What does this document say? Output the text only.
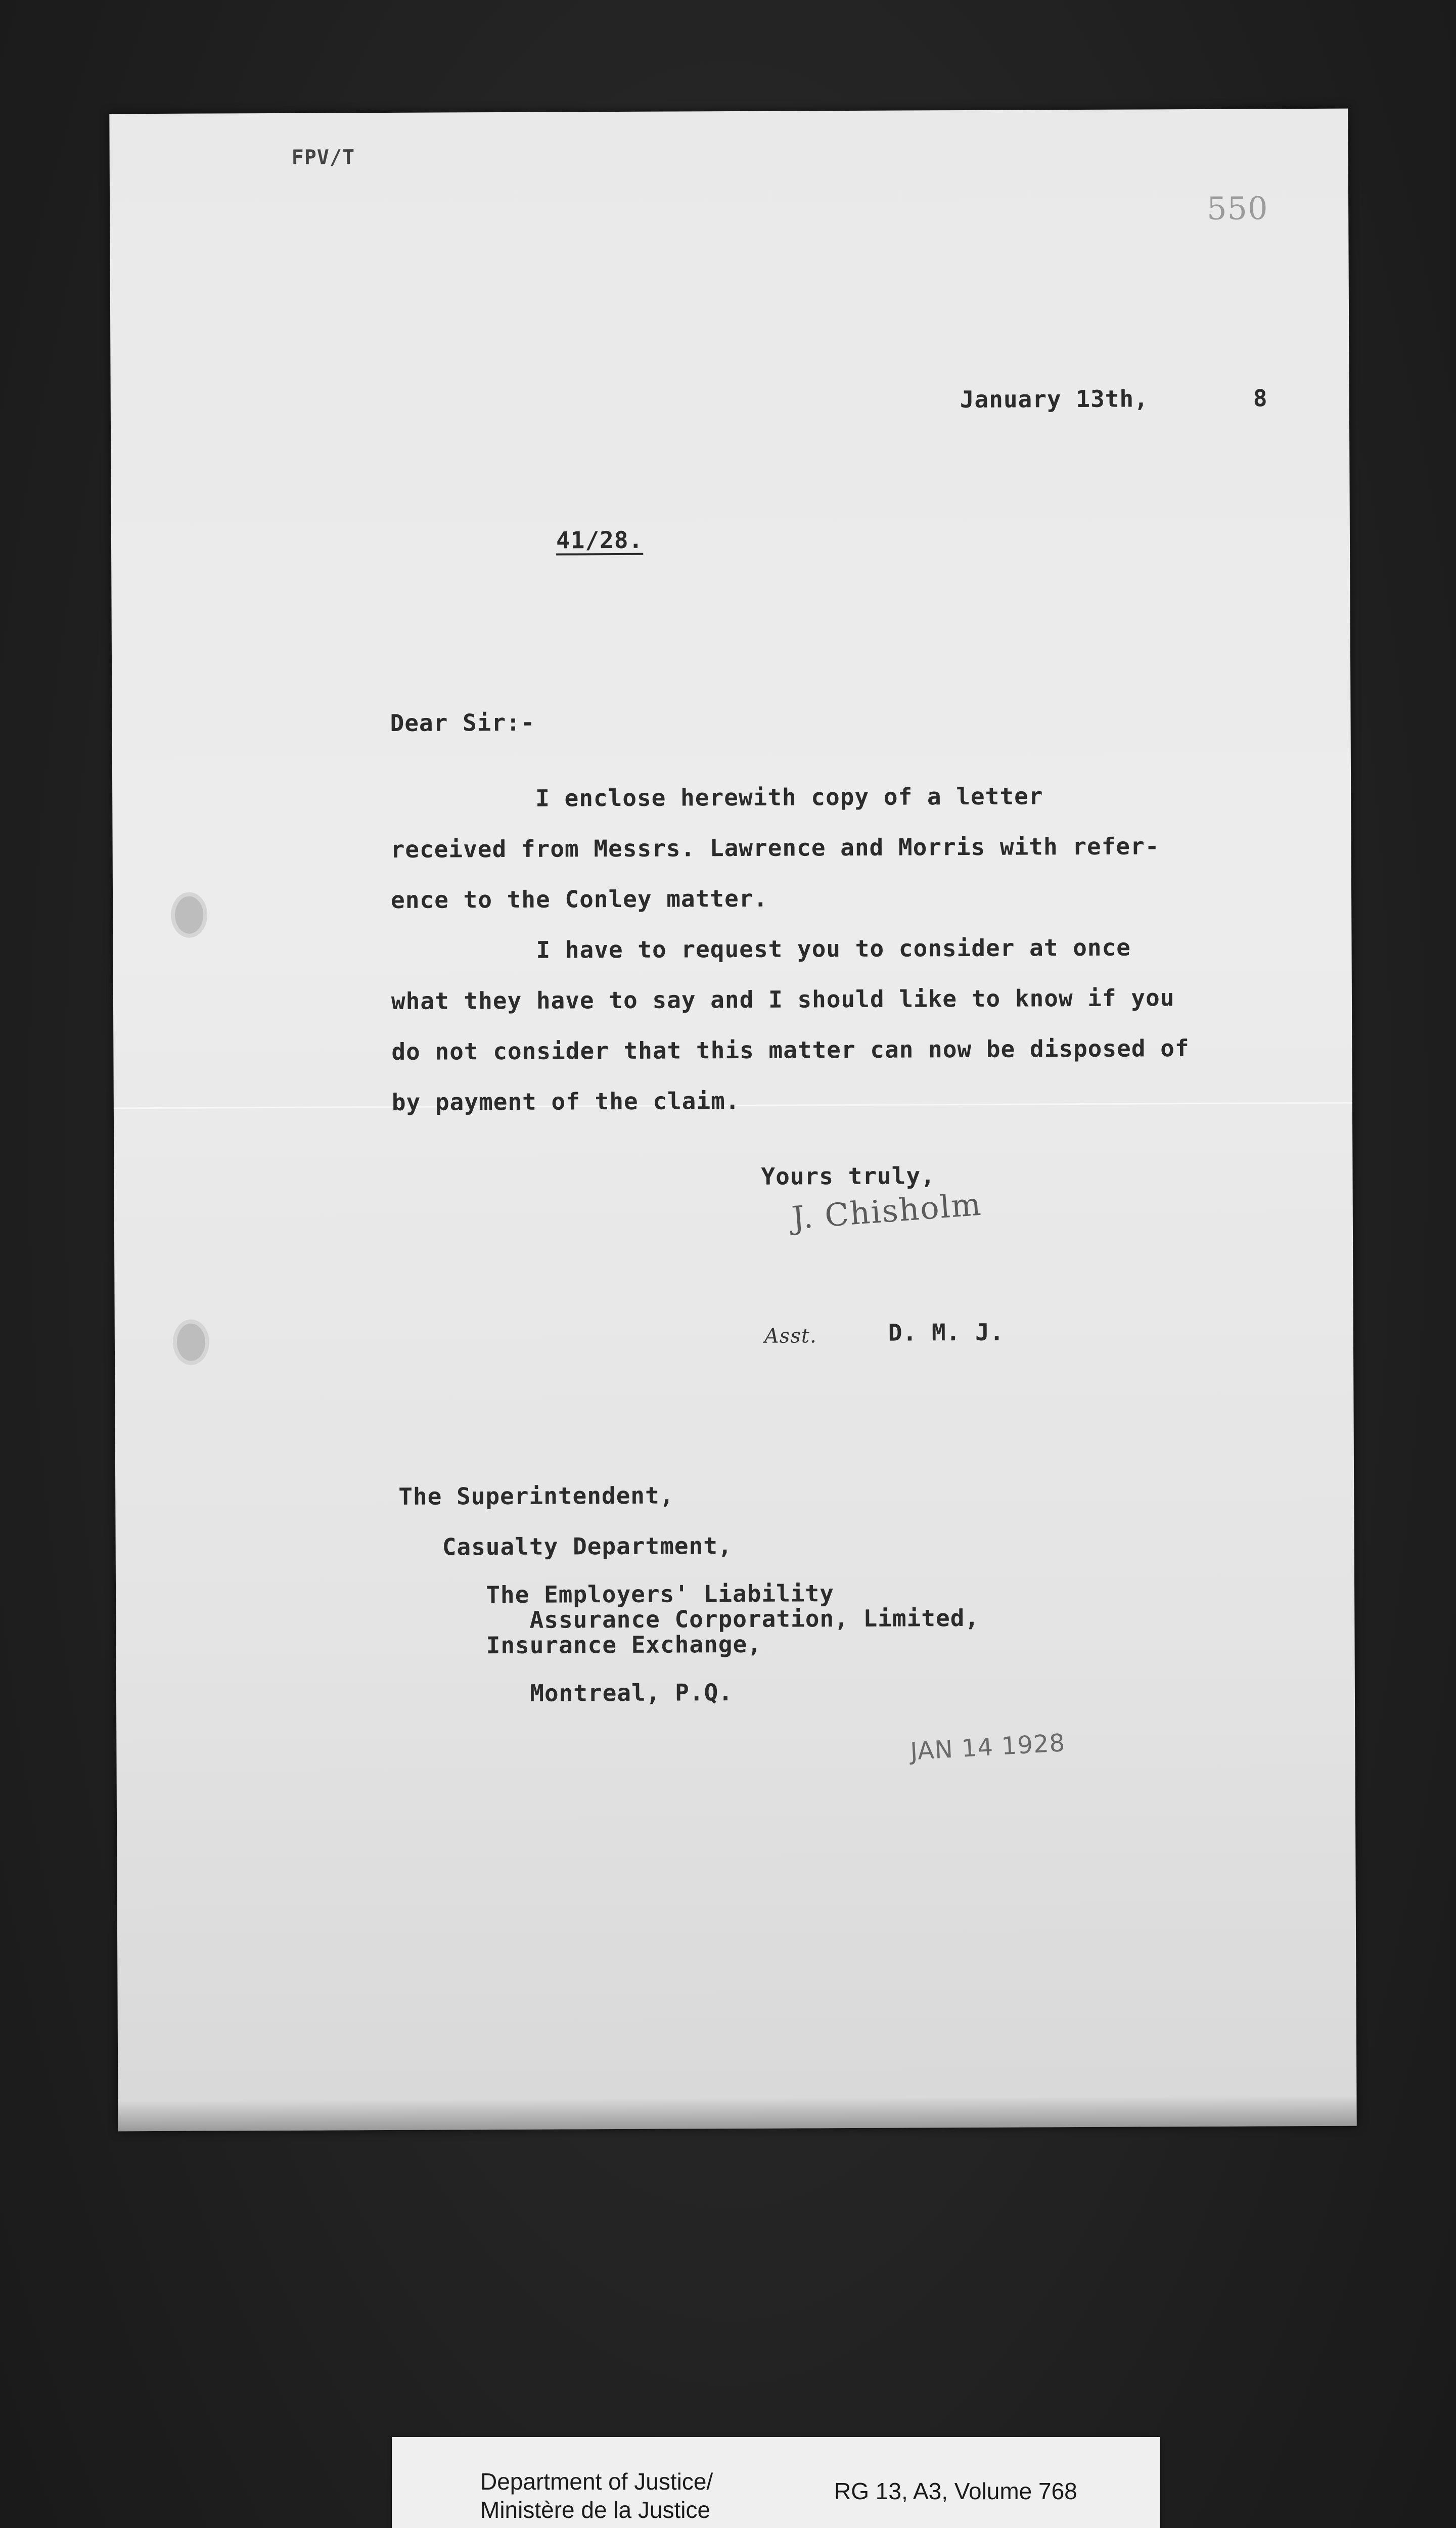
FPV/T
550
January 13th,	8
41/28.
Dear Sir:-
I enclose herewith copy of a letter
received from Messrs. Lawrence and Morris with refer-
ence to the Conley matter.
I have to request you to consider at once
what they have to say and I should like to know if you
do not consider that this matter can now be disposed of
by payment of the claim.
Yours truly,
J. Chisholm
Asst.	D. M. J.
The Superintendent,
Casualty Department,
The Employers' Liability
Assurance Corporation, Limited,
Insurance Exchange,
Montreal, P.Q.
JAN 14 1928
Department of Justice/
Ministère de la Justice
RG 13, A3, Volume 768
